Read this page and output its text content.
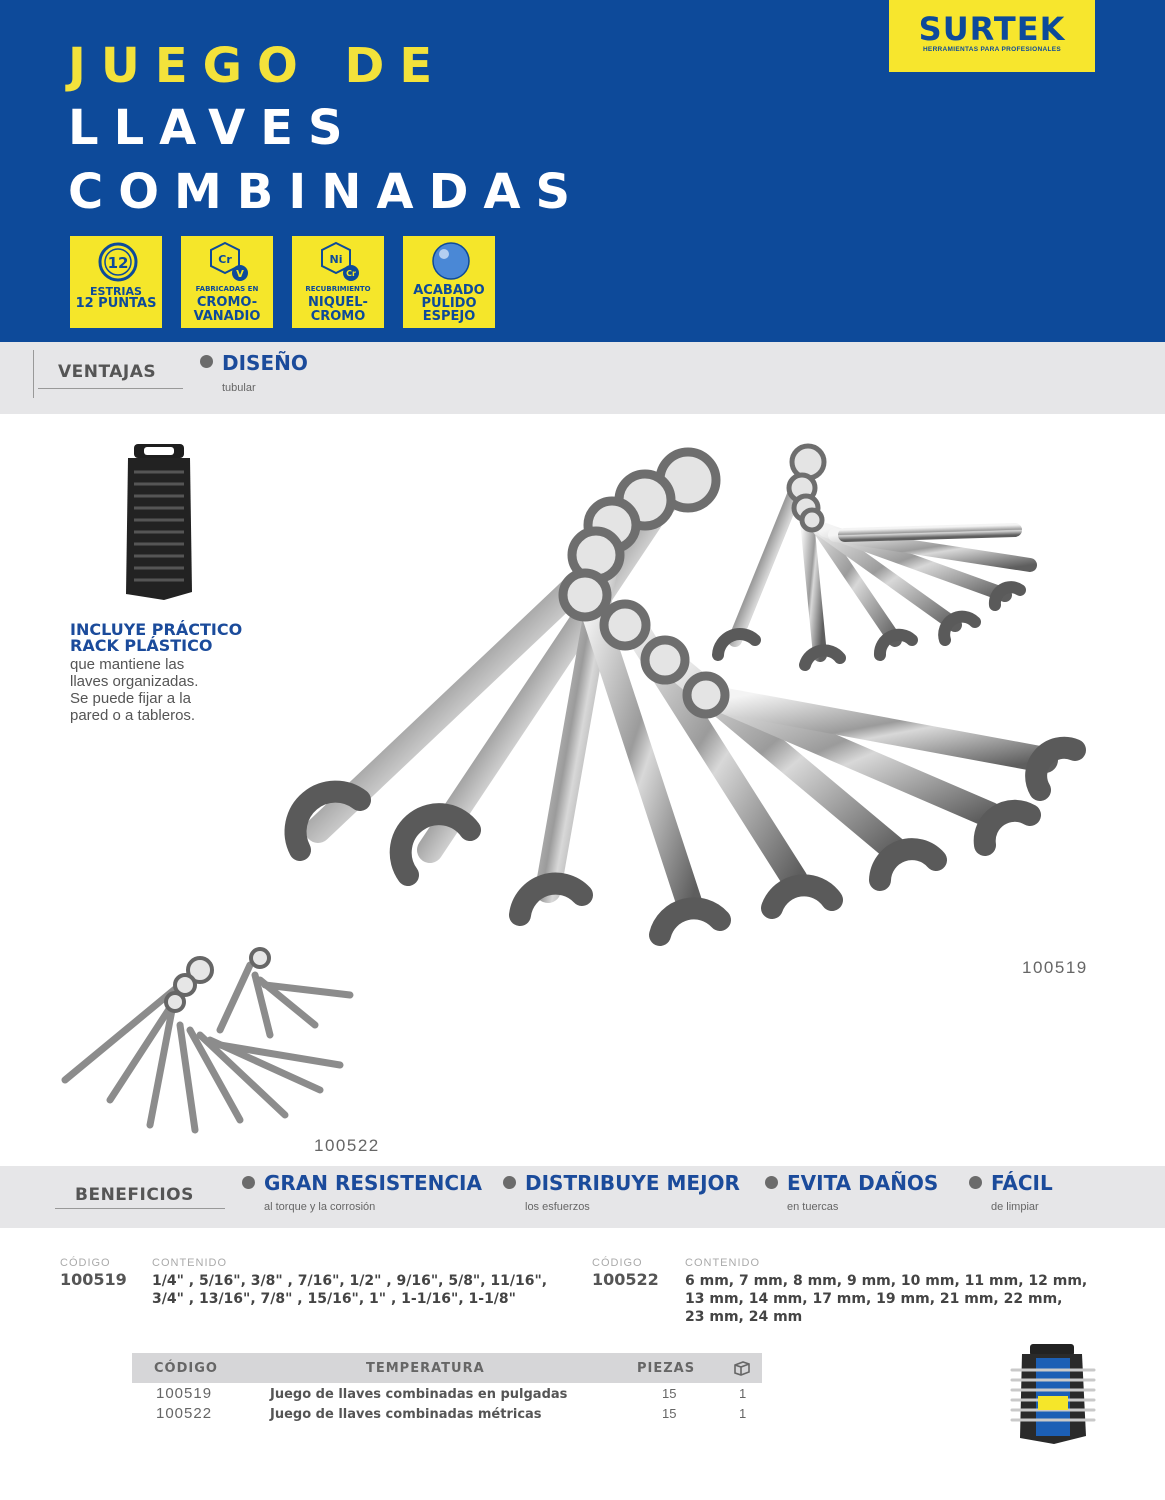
JUEGO DE
LLAVES
COMBINADAS
SURTEK
HERRAMIENTAS PARA PROFESIONALES
12
ESTRIAS
12 PUNTAS
Cr
V
FABRICADAS EN
CROMO-
VANADIO
Ni
Cr
RECUBRIMIENTO
NIQUEL-
CROMO
ACABADO
PULIDO
ESPEJO
VENTAJAS	DISEÑO
tubular
INCLUYE PRÁCTICO
RACK PLÁSTICO
que mantiene las
llaves organizadas.
Se puede fijar a la
pared o a tableros.
100519
100522
BENEFICIOS	GRAN RESISTENCIA
al torque y la corrosión
DISTRIBUYE MEJOR
los esfuerzos
EVITA DAÑOS
en tuercas
FÁCIL
de limpiar
CÓDIGO
100519
CONTENIDO
1/4" , 5/16", 3/8" , 7/16", 1/2" , 9/16", 5/8", 11/16",
3/4" , 13/16", 7/8" , 15/16", 1" , 1-1/16", 1-1/8"
CÓDIGO
100522
CONTENIDO
6 mm, 7 mm, 8 mm, 9 mm, 10 mm, 11 mm, 12 mm,
13 mm, 14 mm, 17 mm, 19 mm, 21 mm, 22 mm,
23 mm, 24 mm
CÓDIGO	TEMPERATURA	PIEZAS
100519	Juego de llaves combinadas en pulgadas	15	1
100522	Juego de llaves combinadas métricas	15	1
